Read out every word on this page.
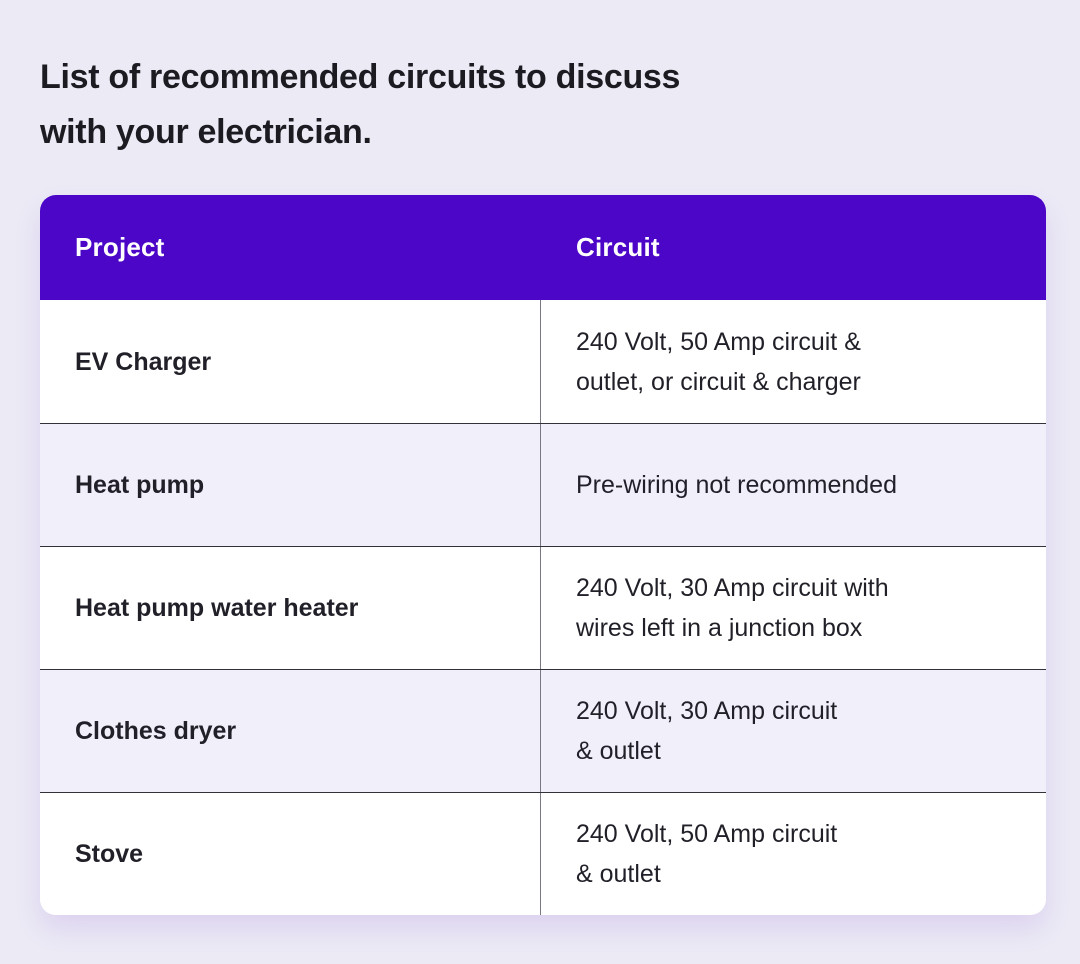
List of recommended circuits to discuss
with your electrician.
Project	Circuit
EV Charger
240 Volt, 50 Amp circuit &
outlet, or circuit & charger
Heat pump	Pre-wiring not recommended
Heat pump water heater
240 Volt, 30 Amp circuit with
wires left in a junction box
Clothes dryer
240 Volt, 30 Amp circuit
& outlet
Stove
240 Volt, 50 Amp circuit
& outlet
